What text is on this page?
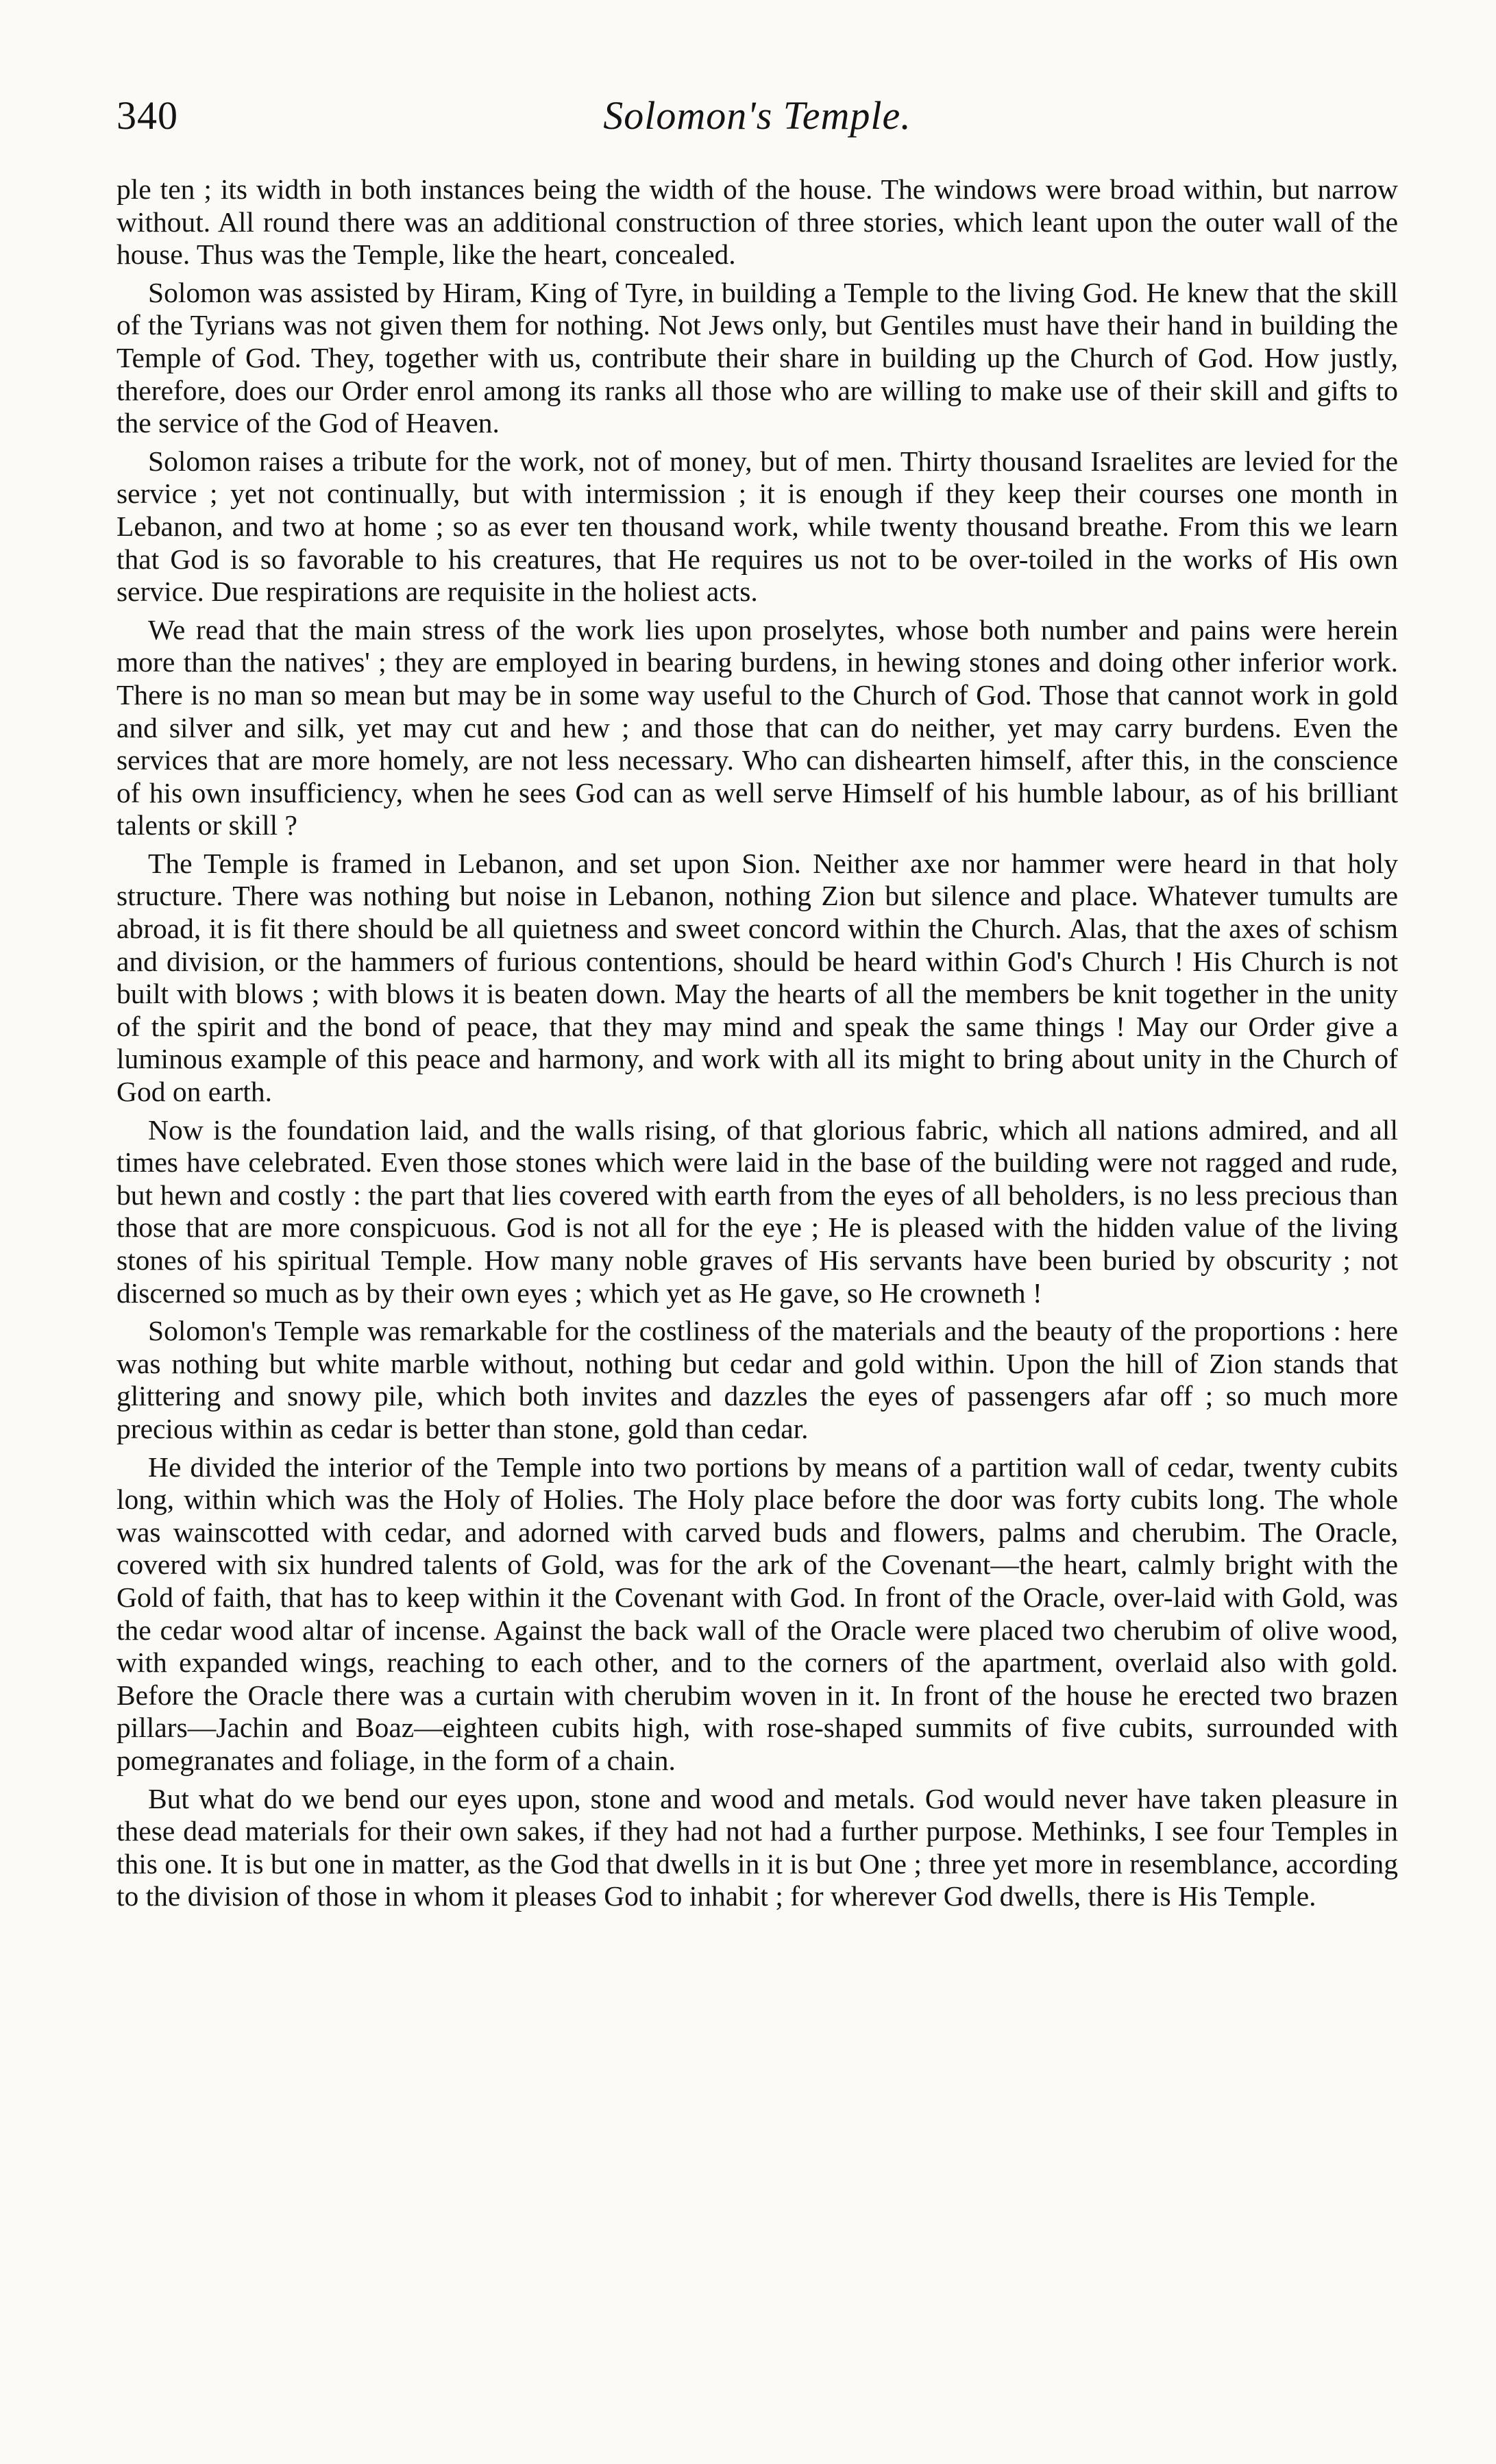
340	Solomon's Temple.

ple ten ; its width in both instances being the width of the house. The windows were broad within, but narrow without. All round there was an additional construction of three stories, which leant upon the outer wall of the house. Thus was the Temple, like the heart, concealed.

Solomon was assisted by Hiram, King of Tyre, in building a Temple to the living God. He knew that the skill of the Tyrians was not given them for nothing. Not Jews only, but Gentiles must have their hand in building the Temple of God. They, together with us, contribute their share in building up the Church of God. How justly, therefore, does our Order enrol among its ranks all those who are willing to make use of their skill and gifts to the service of the God of Heaven.

Solomon raises a tribute for the work, not of money, but of men. Thirty thousand Israelites are levied for the service ; yet not continually, but with intermission ; it is enough if they keep their courses one month in Lebanon, and two at home ; so as ever ten thousand work, while twenty thousand breathe. From this we learn that God is so favorable to his creatures, that He requires us not to be over-toiled in the works of His own service. Due respirations are requisite in the holiest acts.

We read that the main stress of the work lies upon proselytes, whose both number and pains were herein more than the natives' ; they are employed in bearing burdens, in hewing stones and doing other inferior work. There is no man so mean but may be in some way useful to the Church of God. Those that cannot work in gold and silver and silk, yet may cut and hew ; and those that can do neither, yet may carry burdens. Even the services that are more homely, are not less necessary. Who can dishearten himself, after this, in the conscience of his own insufficiency, when he sees God can as well serve Himself of his humble labour, as of his brilliant talents or skill ?

The Temple is framed in Lebanon, and set upon Sion. Neither axe nor hammer were heard in that holy structure. There was nothing but noise in Lebanon, nothing Zion but silence and place. Whatever tumults are abroad, it is fit there should be all quietness and sweet concord within the Church. Alas, that the axes of schism and division, or the hammers of furious contentions, should be heard within God's Church ! His Church is not built with blows ; with blows it is beaten down. May the hearts of all the members be knit together in the unity of the spirit and the bond of peace, that they may mind and speak the same things ! May our Order give a luminous example of this peace and harmony, and work with all its might to bring about unity in the Church of God on earth.

Now is the foundation laid, and the walls rising, of that glorious fabric, which all nations admired, and all times have celebrated. Even those stones which were laid in the base of the building were not ragged and rude, but hewn and costly : the part that lies covered with earth from the eyes of all beholders, is no less precious than those that are more conspicuous. God is not all for the eye ; He is pleased with the hidden value of the living stones of his spiritual Temple. How many noble graves of His servants have been buried by obscurity ; not discerned so much as by their own eyes ; which yet as He gave, so He crowneth !

Solomon's Temple was remarkable for the costliness of the materials and the beauty of the proportions : here was nothing but white marble without, nothing but cedar and gold within. Upon the hill of Zion stands that glittering and snowy pile, which both invites and dazzles the eyes of passengers afar off ; so much more precious within as cedar is better than stone, gold than cedar.

He divided the interior of the Temple into two portions by means of a partition wall of cedar, twenty cubits long, within which was the Holy of Holies. The Holy place before the door was forty cubits long. The whole was wainscotted with cedar, and adorned with carved buds and flowers, palms and cherubim. The Oracle, covered with six hundred talents of Gold, was for the ark of the Covenant—the heart, calmly bright with the Gold of faith, that has to keep within it the Covenant with God. In front of the Oracle, over-laid with Gold, was the cedar wood altar of incense. Against the back wall of the Oracle were placed two cherubim of olive wood, with expanded wings, reaching to each other, and to the corners of the apartment, overlaid also with gold. Before the Oracle there was a curtain with cherubim woven in it. In front of the house he erected two brazen pillars—Jachin and Boaz—eighteen cubits high, with rose-shaped summits of five cubits, surrounded with pomegranates and foliage, in the form of a chain.

But what do we bend our eyes upon, stone and wood and metals. God would never have taken pleasure in these dead materials for their own sakes, if they had not had a further purpose. Methinks, I see four Temples in this one. It is but one in matter, as the God that dwells in it is but One ; three yet more in resemblance, according to the division of those in whom it pleases God to inhabit ; for wherever God dwells, there is His Temple.
